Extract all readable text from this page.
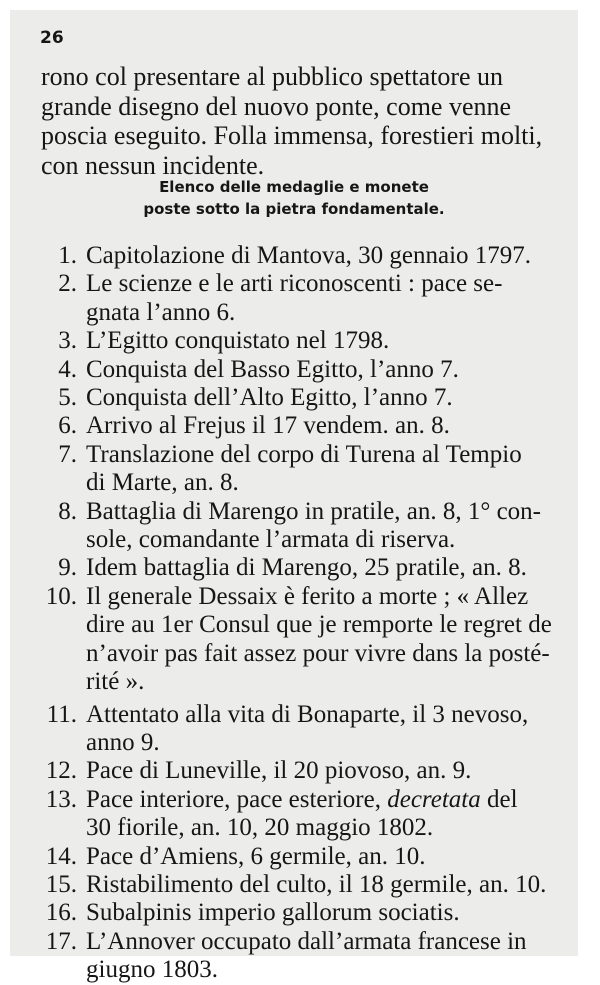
26
rono col presentare al pubblico spettatore un
grande disegno del nuovo ponte, come venne
poscia eseguito. Folla immensa, forestieri molti,
con nessun incidente.
Elenco delle medaglie e monete
poste sotto la pietra fondamentale.
1. Capitolazione di Mantova, 30 gennaio 1797.
2. Le scienze e le arti riconoscenti : pace se-
gnata l’anno 6.
3. L’Egitto conquistato nel 1798.
4. Conquista del Basso Egitto, l’anno 7.
5. Conquista dell’Alto Egitto, l’anno 7.
6. Arrivo al Frejus il 17 vendem. an. 8.
7. Translazione del corpo di Turena al Tempio
di Marte, an. 8.
8. Battaglia di Marengo in pratile, an. 8, 1° con-
sole, comandante l’armata di riserva.
9. Idem battaglia di Marengo, 25 pratile, an. 8.
10. Il generale Dessaix è ferito a morte ; « Allez
dire au 1er Consul que je remporte le regret de
n’avoir pas fait assez pour vivre dans la posté-
rité ».
11. Attentato alla vita di Bonaparte, il 3 nevoso,
anno 9.
12. Pace di Luneville, il 20 piovoso, an. 9.
13. Pace interiore, pace esteriore, decretata del
30 fiorile, an. 10, 20 maggio 1802.
14. Pace d’Amiens, 6 germile, an. 10.
15. Ristabilimento del culto, il 18 germile, an. 10.
16. Subalpinis imperio gallorum sociatis.
17. L’Annover occupato dall’armata francese in
giugno 1803.
